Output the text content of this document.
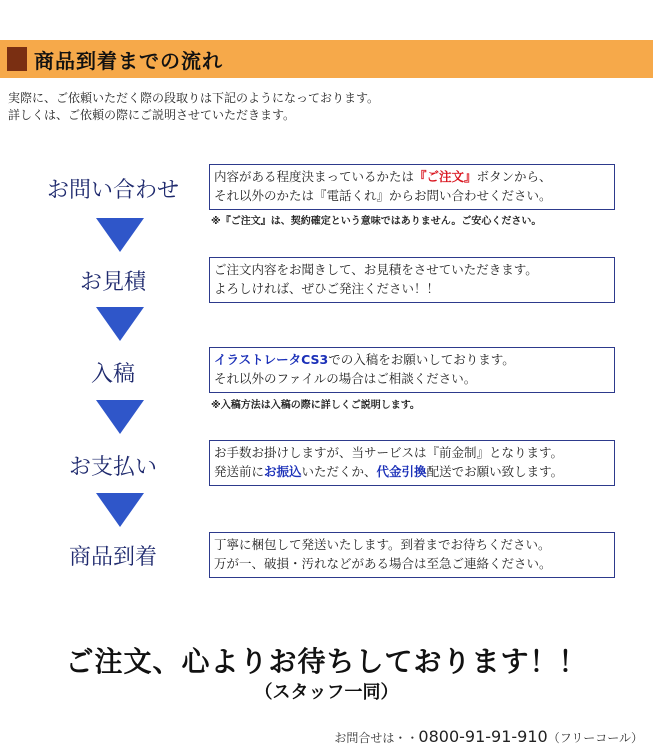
商品到着までの流れ
実際に、ご依頼いただく際の段取りは下記のようになっております。
詳しくは、ご依頼の際にご説明させていただきます。
お問い合わせ
内容がある程度決まっているかたは『ご注文』ボタンから、
それ以外のかたは『電話くれ』からお問い合わせください。
※『ご注文』は、契約確定という意味ではありません。ご安心ください。
お見積
ご注文内容をお聞きして、お見積をさせていただきます。
よろしければ、ぜひご発注ください！！
入稿
イラストレータCS3での入稿をお願いしております。
それ以外のファイルの場合はご相談ください。
※入稿方法は入稿の際に詳しくご説明します。
お支払い
お手数お掛けしますが、当サービスは『前金制』となります。
発送前にお振込いただくか、代金引換配送でお願い致します。
商品到着
丁寧に梱包して発送いたします。到着までお待ちください。
万が一、破損・汚れなどがある場合は至急ご連絡ください。
ご注文、心よりお待ちしております！！
（スタッフ一同）
お問合せは・・0800-91-91-910（フリーコール）
